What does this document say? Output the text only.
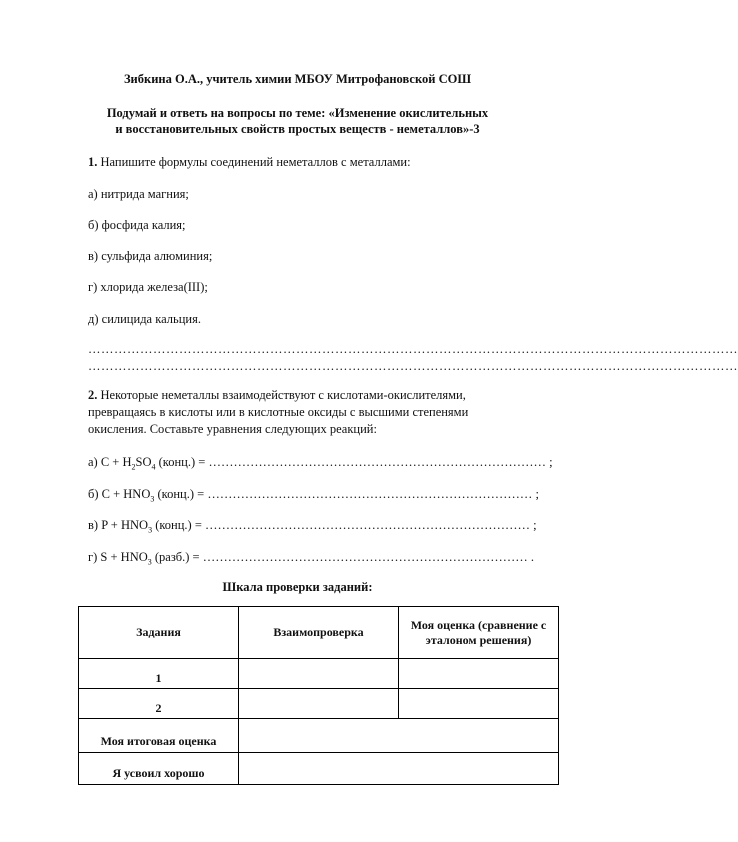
Зибкина О.А., учитель химии МБОУ Митрофановской СОШ
Подумай и ответь на вопросы по теме: «Изменение окислительных
и восстановительных свойств простых веществ - неметаллов»-3
1. Напишите формулы соединений неметаллов с металлами:
а) нитрида магния;
б) фосфида калия;
в) сульфида алюминия;
г) хлорида железа(III);
д) силицида кальция.
……………………………………………………………………………………………………………………………………
……………………………………………………………………………………………………………………………………
2. Некоторые неметаллы взаимодействуют с кислотами-окислителями,
превращаясь в кислоты или в кислотные оксиды с высшими степенями
окисления. Составьте уравнения следующих реакций:
а) $C + H_2SO_4$ (конц.) = ……………………………………………………………………… ;
б) $C + HNO_3$ (конц.) = …………………………………………………………………… ;
в) $P + HNO_3$ (конц.) = …………………………………………………………………… ;
г) $S + HNO_3$ (разб.) = …………………………………………………………………… .
Шкала проверки заданий:
Задания	Взаимопроверка	Моя оценка (сравнение с эталоном решения)
1		
2		
Моя итоговая оценка		
Я усвоил хорошо		
